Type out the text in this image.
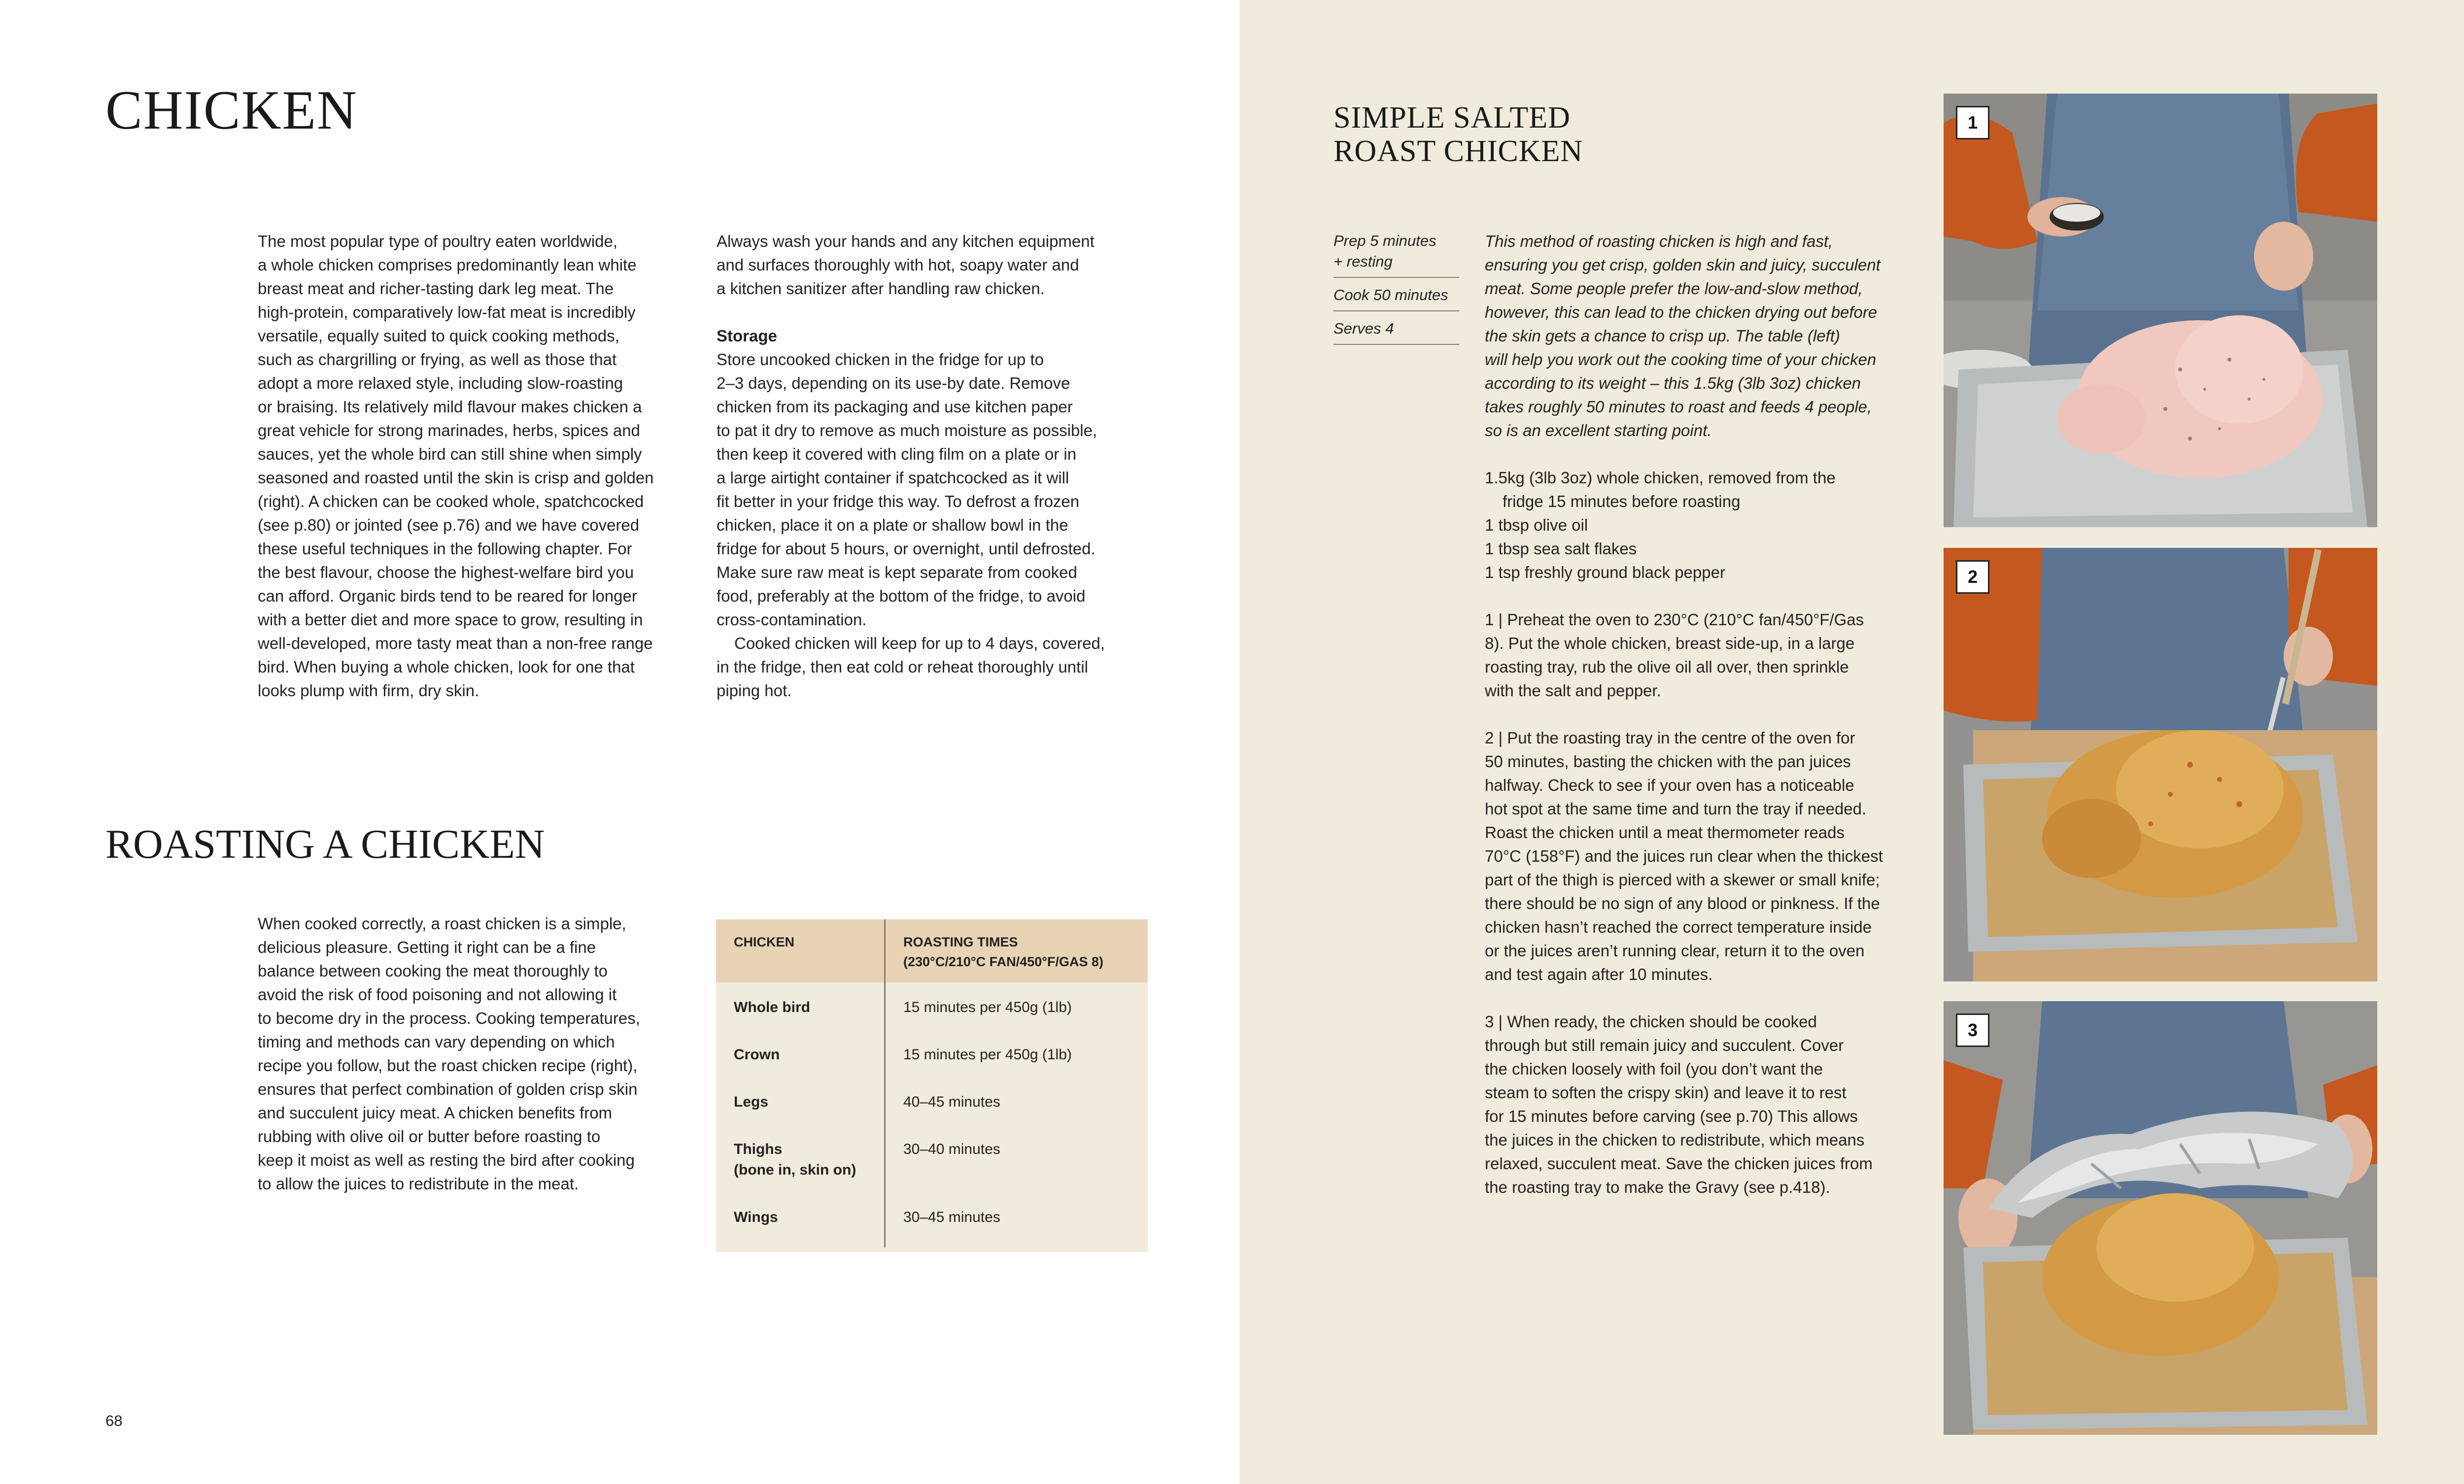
CHICKEN

The most popular type of poultry eaten worldwide,
a whole chicken comprises predominantly lean white
breast meat and richer-tasting dark leg meat. The
high-protein, comparatively low-fat meat is incredibly
versatile, equally suited to quick cooking methods,
such as chargrilling or frying, as well as those that
adopt a more relaxed style, including slow-roasting
or braising. Its relatively mild flavour makes chicken a
great vehicle for strong marinades, herbs, spices and
sauces, yet the whole bird can still shine when simply
seasoned and roasted until the skin is crisp and golden
(right). A chicken can be cooked whole, spatchcocked
(see p.80) or jointed (see p.76) and we have covered
these useful techniques in the following chapter. For
the best flavour, choose the highest-welfare bird you
can afford. Organic birds tend to be reared for longer
with a better diet and more space to grow, resulting in
well-developed, more tasty meat than a non-free range
bird. When buying a whole chicken, look for one that
looks plump with firm, dry skin.

Always wash your hands and any kitchen equipment
and surfaces thoroughly with hot, soapy water and
a kitchen sanitizer after handling raw chicken.

Storage

Store uncooked chicken in the fridge for up to
2–3 days, depending on its use-by date. Remove
chicken from its packaging and use kitchen paper
to pat it dry to remove as much moisture as possible,
then keep it covered with cling film on a plate or in
a large airtight container if spatchcocked as it will
fit better in your fridge this way. To defrost a frozen
chicken, place it on a plate or shallow bowl in the
fridge for about 5 hours, or overnight, until defrosted.
Make sure raw meat is kept separate from cooked
food, preferably at the bottom of the fridge, to avoid
cross-contamination.

Cooked chicken will keep for up to 4 days, covered,
in the fridge, then eat cold or reheat thoroughly until
piping hot.

ROASTING A CHICKEN

When cooked correctly, a roast chicken is a simple,
delicious pleasure. Getting it right can be a fine
balance between cooking the meat thoroughly to
avoid the risk of food poisoning and not allowing it
to become dry in the process. Cooking temperatures,
timing and methods can vary depending on which
recipe you follow, but the roast chicken recipe (right),
ensures that perfect combination of golden crisp skin
and succulent juicy meat. A chicken benefits from
rubbing with olive oil or butter before roasting to
keep it moist as well as resting the bird after cooking
to allow the juices to redistribute in the meat.

CHICKEN	ROASTING TIMES
(230°C/210°C FAN/450°F/GAS 8)
Whole bird	15 minutes per 450g (1lb)
Crown	15 minutes per 450g (1lb)
Legs	40–45 minutes
Thighs
(bone in, skin on)	30–40 minutes
Wings	30–45 minutes
68
SIMPLE SALTED
ROAST CHICKEN
Prep 5 minutes
+ resting
Cook 50 minutes
Serves 4

This method of roasting chicken is high and fast,
ensuring you get crisp, golden skin and juicy, succulent
meat. Some people prefer the low-and-slow method,
however, this can lead to the chicken drying out before
the skin gets a chance to crisp up. The table (left)
will help you work out the cooking time of your chicken
according to its weight – this 1.5kg (3lb 3oz) chicken
takes roughly 50 minutes to roast and feeds 4 people,
so is an excellent starting point.

1.5kg (3lb 3oz) whole chicken, removed from the
fridge 15 minutes before roasting

1 tbsp olive oil

1 tbsp sea salt flakes

1 tsp freshly ground black pepper

1 | Preheat the oven to 230°C (210°C fan/450°F/Gas
8). Put the whole chicken, breast side-up, in a large
roasting tray, rub the olive oil all over, then sprinkle
with the salt and pepper.

2 | Put the roasting tray in the centre of the oven for
50 minutes, basting the chicken with the pan juices
halfway. Check to see if your oven has a noticeable
hot spot at the same time and turn the tray if needed.
Roast the chicken until a meat thermometer reads
70°C (158°F) and the juices run clear when the thickest
part of the thigh is pierced with a skewer or small knife;
there should be no sign of any blood or pinkness. If the
chicken hasn’t reached the correct temperature inside
or the juices aren’t running clear, return it to the oven
and test again after 10 minutes.

3 | When ready, the chicken should be cooked
through but still remain juicy and succulent. Cover
the chicken loosely with foil (you don’t want the
steam to soften the crispy skin) and leave it to rest
for 15 minutes before carving (see p.70) This allows
the juices in the chicken to redistribute, which means
relaxed, succulent meat. Save the chicken juices from
the roasting tray to make the Gravy (see p.418).

1
2
3
